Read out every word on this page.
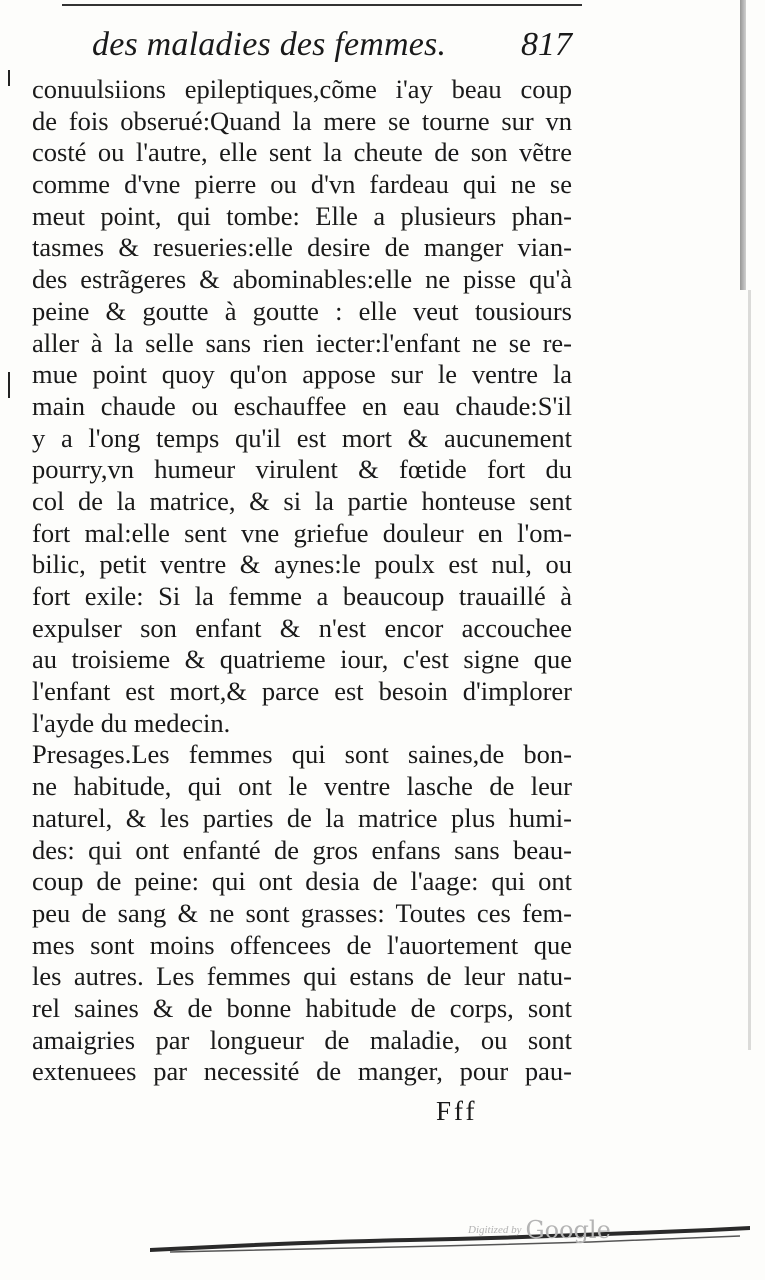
des maladies des femmes. 817
conuulsiions epileptiques,cõme i'ay beau coup
de fois obserué:Quand la mere se tourne sur vn
costé ou l'autre, elle sent la cheute de son vẽtre
comme d'vne pierre ou d'vn fardeau qui ne se
meut point, qui tombe: Elle a plusieurs phan-
tasmes & resueries:elle desire de manger vian-
des estrãgeres & abominables:elle ne pisse qu'à
peine & goutte à goutte : elle veut tousiours
aller à la selle sans rien iecter:l'enfant ne se re-
mue point quoy qu'on appose sur le ventre la
main chaude ou eschauffee en eau chaude:S'il
y a l'ong temps qu'il est mort & aucunement
pourry,vn humeur virulent & fœtide fort du
col de la matrice, & si la partie honteuse sent
fort mal:elle sent vne griefue douleur en l'om-
bilic, petit ventre & aynes:le poulx est nul, ou
fort exile: Si la femme a beaucoup trauaillé à
expulser son enfant & n'est encor accouchee
au troisieme & quatrieme iour, c'est signe que
l'enfant est mort,& parce est besoin d'implorer
l'ayde du medecin.
Presages.Les femmes qui sont saines,de bon-
ne habitude, qui ont le ventre lasche de leur
naturel, & les parties de la matrice plus humi-
des: qui ont enfanté de gros enfans sans beau-
coup de peine: qui ont desia de l'aage: qui ont
peu de sang & ne sont grasses: Toutes ces fem-
mes sont moins offencees de l'auortement que
les autres. Les femmes qui estans de leur natu-
rel saines & de bonne habitude de corps, sont
amaigries par longueur de maladie, ou sont
extenuees par necessité de manger, pour pau-
Fff
Digitized by Google
